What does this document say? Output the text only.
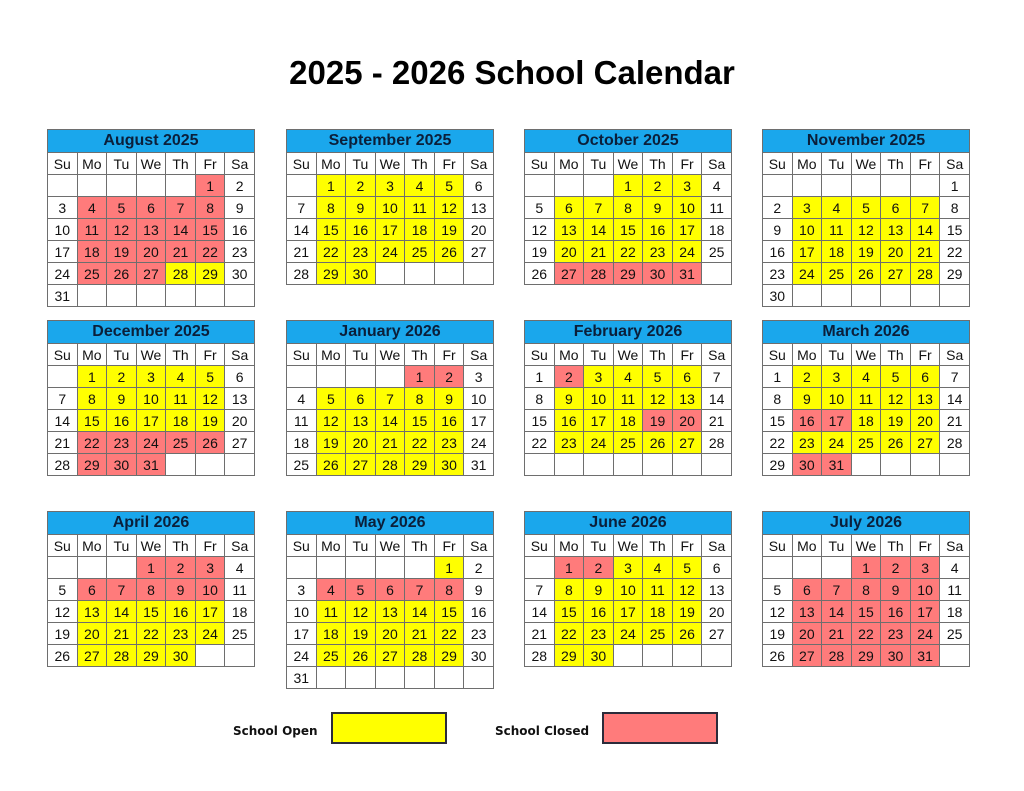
2025 - 2026 School Calendar
August 2025						
Su	Mo	Tu	We	Th	Fr	Sa
					1	2
3	4	5	6	7	8	9
10	11	12	13	14	15	16
17	18	19	20	21	22	23
24	25	26	27	28	29	30
31						
September 2025						
Su	Mo	Tu	We	Th	Fr	Sa
	1	2	3	4	5	6
7	8	9	10	11	12	13
14	15	16	17	18	19	20
21	22	23	24	25	26	27
28	29	30				
October 2025						
Su	Mo	Tu	We	Th	Fr	Sa
			1	2	3	4
5	6	7	8	9	10	11
12	13	14	15	16	17	18
19	20	21	22	23	24	25
26	27	28	29	30	31	
November 2025						
Su	Mo	Tu	We	Th	Fr	Sa
						1
2	3	4	5	6	7	8
9	10	11	12	13	14	15
16	17	18	19	20	21	22
23	24	25	26	27	28	29
30						
December 2025						
Su	Mo	Tu	We	Th	Fr	Sa
	1	2	3	4	5	6
7	8	9	10	11	12	13
14	15	16	17	18	19	20
21	22	23	24	25	26	27
28	29	30	31			
January 2026						
Su	Mo	Tu	We	Th	Fr	Sa
				1	2	3
4	5	6	7	8	9	10
11	12	13	14	15	16	17
18	19	20	21	22	23	24
25	26	27	28	29	30	31
February 2026						
Su	Mo	Tu	We	Th	Fr	Sa
1	2	3	4	5	6	7
8	9	10	11	12	13	14
15	16	17	18	19	20	21
22	23	24	25	26	27	28

March 2026						
Su	Mo	Tu	We	Th	Fr	Sa
1	2	3	4	5	6	7
8	9	10	11	12	13	14
15	16	17	18	19	20	21
22	23	24	25	26	27	28
29	30	31				
April 2026						
Su	Mo	Tu	We	Th	Fr	Sa
			1	2	3	4
5	6	7	8	9	10	11
12	13	14	15	16	17	18
19	20	21	22	23	24	25
26	27	28	29	30		
May 2026						
Su	Mo	Tu	We	Th	Fr	Sa
					1	2
3	4	5	6	7	8	9
10	11	12	13	14	15	16
17	18	19	20	21	22	23
24	25	26	27	28	29	30
31						
June 2026						
Su	Mo	Tu	We	Th	Fr	Sa
	1	2	3	4	5	6
7	8	9	10	11	12	13
14	15	16	17	18	19	20
21	22	23	24	25	26	27
28	29	30				
July 2026						
Su	Mo	Tu	We	Th	Fr	Sa
			1	2	3	4
5	6	7	8	9	10	11
12	13	14	15	16	17	18
19	20	21	22	23	24	25
26	27	28	29	30	31	
School Open	School Closed
